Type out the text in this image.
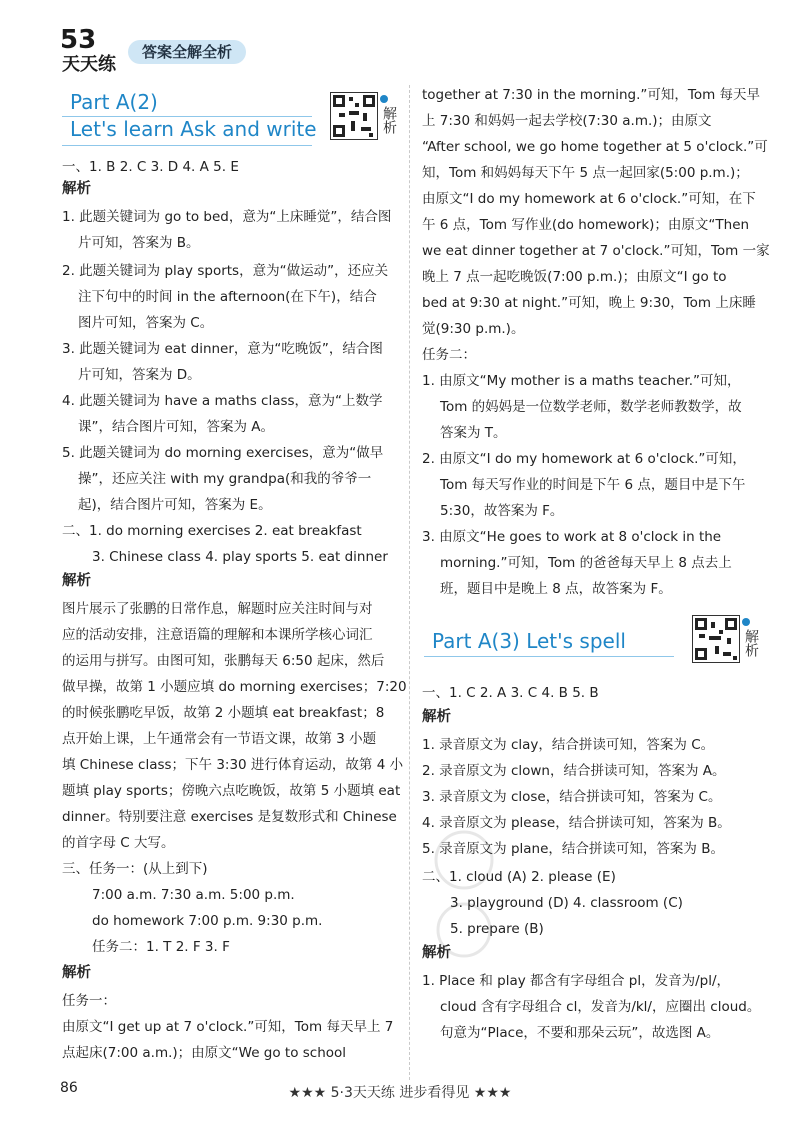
53
天天练
答案全解全析
Part A(2)
Let's learn Ask and write	解析
一、1. B 2. C 3. D 4. A 5. E
解析
1. 此题关键词为 go to bed，意为“上床睡觉”，结合图
片可知，答案为 B。
2. 此题关键词为 play sports，意为“做运动”，还应关
注下句中的时间 in the afternoon(在下午)，结合
图片可知，答案为 C。
3. 此题关键词为 eat dinner，意为“吃晚饭”，结合图
片可知，答案为 D。
4. 此题关键词为 have a maths class，意为“上数学
课”，结合图片可知，答案为 A。
5. 此题关键词为 do morning exercises，意为“做早
操”，还应关注 with my grandpa(和我的爷爷一
起)，结合图片可知，答案为 E。
二、1. do morning exercises 2. eat breakfast
3. Chinese class 4. play sports 5. eat dinner
解析
图片展示了张鹏的日常作息，解题时应关注时间与对
应的活动安排，注意语篇的理解和本课所学核心词汇
的运用与拼写。由图可知，张鹏每天 6:50 起床，然后
做早操，故第 1 小题应填 do morning exercises；7:20
的时候张鹏吃早饭，故第 2 小题填 eat breakfast；8
点开始上课，上午通常会有一节语文课，故第 3 小题
填 Chinese class；下午 3:30 进行体育运动，故第 4 小
题填 play sports；傍晚六点吃晚饭，故第 5 小题填 eat
dinner。特别要注意 exercises 是复数形式和 Chinese
的首字母 C 大写。
三、任务一：(从上到下)
7:00 a.m. 7:30 a.m. 5:00 p.m.
do homework 7:00 p.m. 9:30 p.m.
任务二：1. T 2. F 3. F
解析
任务一：
由原文“I get up at 7 o'clock.”可知，Tom 每天早上 7
点起床(7:00 a.m.)；由原文“We go to school
together at 7:30 in the morning.”可知，Tom 每天早
上 7:30 和妈妈一起去学校(7:30 a.m.)；由原文
“After school, we go home together at 5 o'clock.”可
知，Tom 和妈妈每天下午 5 点一起回家(5:00 p.m.)；
由原文“I do my homework at 6 o'clock.”可知，在下
午 6 点，Tom 写作业(do homework)；由原文“Then
we eat dinner together at 7 o'clock.”可知，Tom 一家
晚上 7 点一起吃晚饭(7:00 p.m.)；由原文“I go to
bed at 9:30 at night.”可知，晚上 9:30，Tom 上床睡
觉(9:30 p.m.)。
任务二：
1. 由原文“My mother is a maths teacher.”可知，
Tom 的妈妈是一位数学老师，数学老师教数学，故
答案为 T。
2. 由原文“I do my homework at 6 o'clock.”可知，
Tom 每天写作业的时间是下午 6 点，题目中是下午
5:30，故答案为 F。
3. 由原文“He goes to work at 8 o'clock in the
morning.”可知，Tom 的爸爸每天早上 8 点去上
班，题目中是晚上 8 点，故答案为 F。
Part A(3) Let's spell	解析
一、1. C 2. A 3. C 4. B 5. B
解析
1. 录音原文为 clay，结合拼读可知，答案为 C。
2. 录音原文为 clown，结合拼读可知，答案为 A。
3. 录音原文为 close，结合拼读可知，答案为 C。
4. 录音原文为 please，结合拼读可知，答案为 B。
5. 录音原文为 plane，结合拼读可知，答案为 B。
二、1. cloud (A) 2. please (E)
3. playground (D) 4. classroom (C)
5. prepare (B)
解析
1. Place 和 play 都含有字母组合 pl，发音为/pl/，
cloud 含有字母组合 cl，发音为/kl/，应圈出 cloud。
句意为“Place，不要和那朵云玩”，故选图 A。
86	★★★ 5·3天天练 进步看得见 ★★★
